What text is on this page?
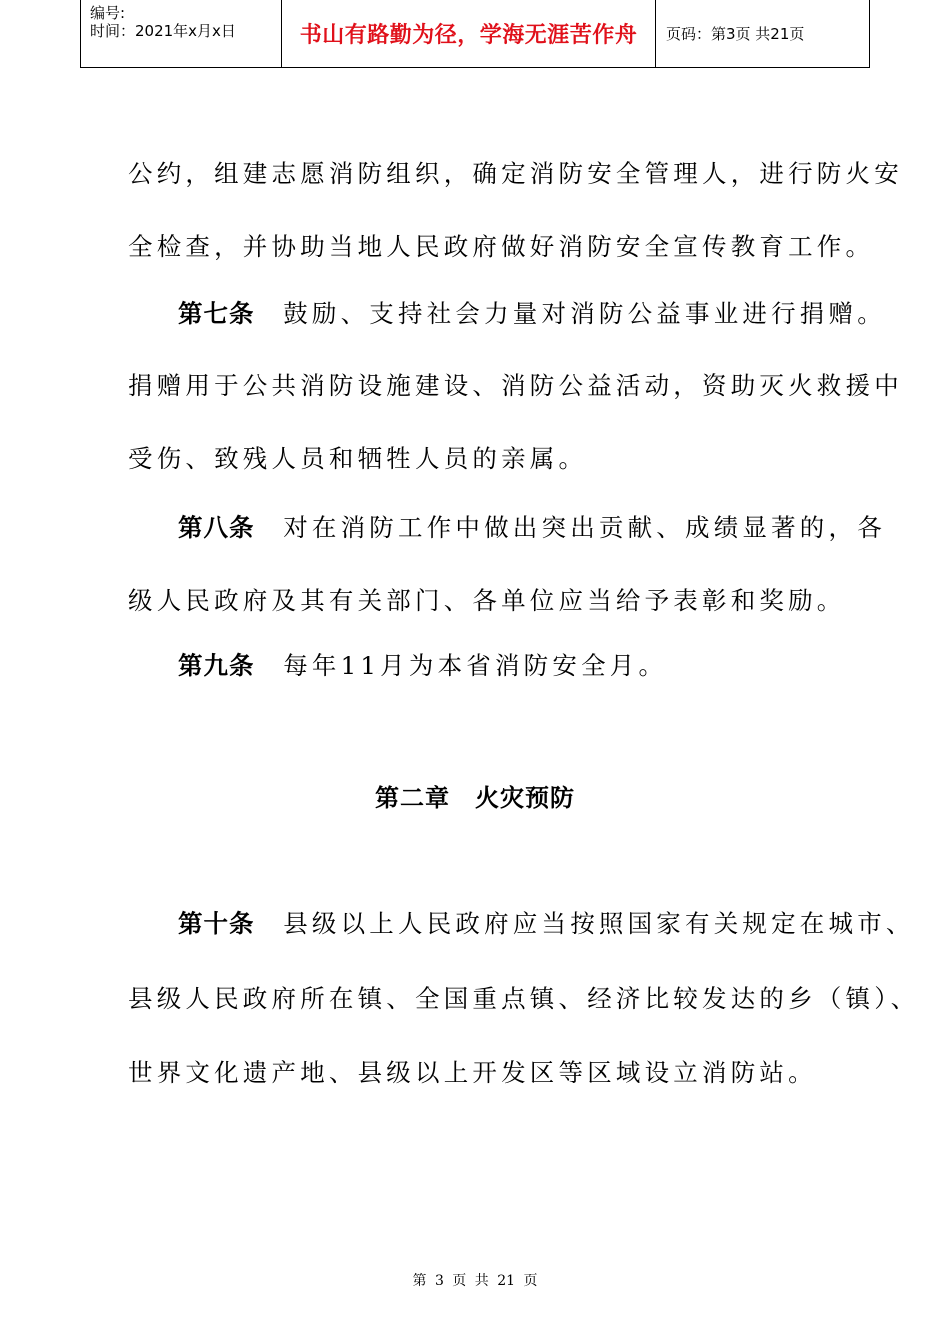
编号:
时间：2021年x月x日	书山有路勤为径，学海无涯苦作舟 页码：第3页 共21页
公约，组建志愿消防组织，确定消防安全管理人，进行防火安
全检查，并协助当地人民政府做好消防安全宣传教育工作。
第七条  鼓励、支持社会力量对消防公益事业进行捐赠。
捐赠用于公共消防设施建设、消防公益活动，资助灭火救援中
受伤、致残人员和牺牲人员的亲属。
第八条  对在消防工作中做出突出贡献、成绩显著的，各
级人民政府及其有关部门、各单位应当给予表彰和奖励。
第九条  每年11月为本省消防安全月。
第二章　火灾预防
第十条  县级以上人民政府应当按照国家有关规定在城市、
县级人民政府所在镇、全国重点镇、经济比较发达的乡（镇）、
世界文化遗产地、县级以上开发区等区域设立消防站。
第 3 页 共 21 页
